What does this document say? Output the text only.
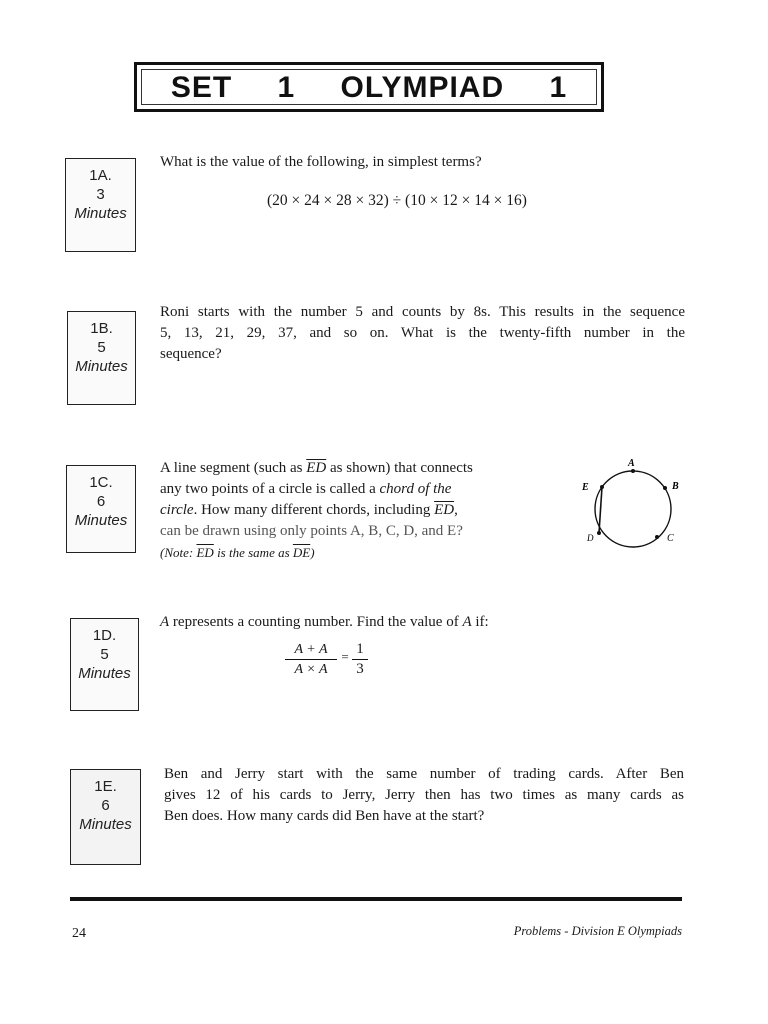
SET 1 OLYMPIAD 1
1A.
3
Minutes
What is the value of the following, in simplest terms?
(20 × 24 × 28 × 32) ÷ (10 × 12 × 14 × 16)
1B.
5
Minutes
Roni starts with the number 5 and counts by 8s. This results in the sequence
5, 13, 21, 29, 37, and so on. What is the twenty-fifth number in the
sequence?
1C.
6
Minutes
A line segment (such as $\overline{ED}$ as shown) that connects
any two points of a circle is called a chord of the
circle. How many different chords, including $\overline{ED}$,
can be drawn using only points A, B, C, D, and E?
(Note: $\overline{ED}$ is the same as $\overline{DE}$)
A
B
C
D
E
1D.
5
Minutes
A represents a counting number. Find the value of A if:
$\frac{A + A}{A \times A} = \frac{1}{3}$
1E.
6
Minutes
Ben and Jerry start with the same number of trading cards. After Ben
gives 12 of his cards to Jerry, Jerry then has two times as many cards as
Ben does. How many cards did Ben have at the start?
24	Problems - Division E Olympiads
